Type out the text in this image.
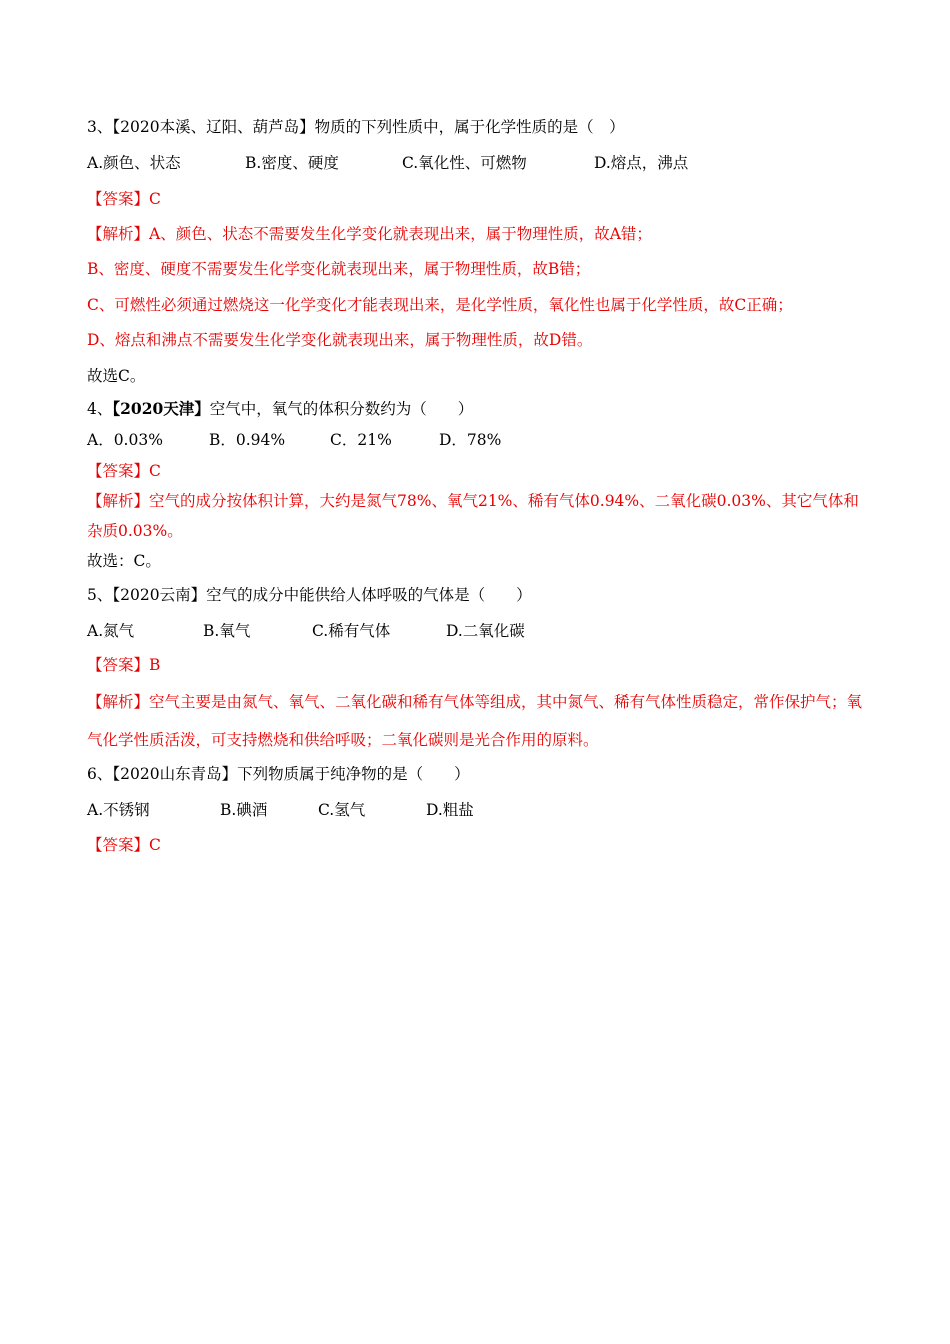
3、【2020本溪、辽阳、葫芦岛】物质的下列性质中，属于化学性质的是（　）
A.颜色、状态	B.密度、硬度	C.氧化性、可燃物	D.熔点，沸点
【答案】C
【解析】A、颜色、状态不需要发生化学变化就表现出来，属于物理性质，故A错；
B、密度、硬度不需要发生化学变化就表现出来，属于物理性质，故B错；
C、可燃性必须通过燃烧这一化学变化才能表现出来，是化学性质，氧化性也属于化学性质，故C正确；
D、熔点和沸点不需要发生化学变化就表现出来，属于物理性质，故D错。
故选C。
4、【2020天津】空气中，氧气的体积分数约为（　　）
A．0.03%	B．0.94%	C．21%	D．78%
【答案】C
【解析】空气的成分按体积计算，大约是氮气78%、氧气21%、稀有气体0.94%、二氧化碳0.03%、其它气体和杂质0.03%。
故选：C。
5、【2020云南】空气的成分中能供给人体呼吸的气体是（　　）
A.氮气	B.氧气	C.稀有气体	D.二氧化碳
【答案】B
【解析】空气主要是由氮气、氧气、二氧化碳和稀有气体等组成，其中氮气、稀有气体性质稳定，常作保护气；氧气化学性质活泼，可支持燃烧和供给呼吸；二氧化碳则是光合作用的原料。
6、【2020山东青岛】下列物质属于纯净物的是（　　）
A.不锈钢	B.碘酒	C.氢气	D.粗盐
【答案】C
